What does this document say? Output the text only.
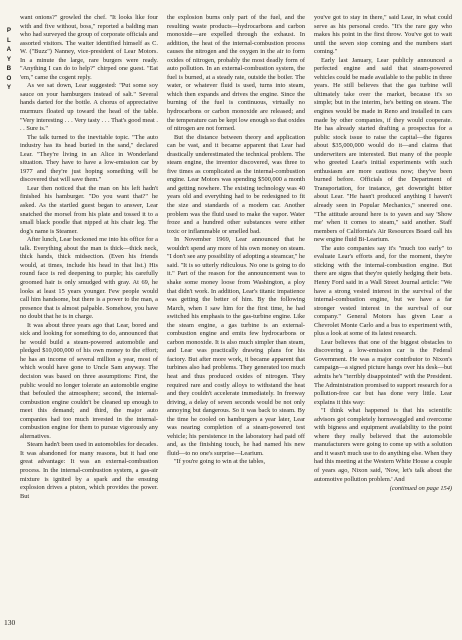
P
L
A
Y
B
O
Y

want onions?" growled the chef. "It looks like four with and five without, boss," reported a balding man who had surveyed the group of corporate officials and assorted visitors. The waiter identified himself as C. W. ("Buzz") Nanney, vice-president of Lear Motors. In a minute the large, rare burgers were ready. "Anything I can do to help?" chirped one guest. "Eat 'em," came the cogent reply.

As we sat down, Lear suggested: "Put some soy sauce on your hamburgers instead of salt." Several hands darted for the bottle. A chorus of appreciative murmurs floated up toward the head of the table. "Very interesting . . . Very tasty . . . That's good meat . . . Sure is."

The talk turned to the inevitable topic. "The auto industry has its head buried in the sand," declared Lear. "They're living in an Alice in Wonderland situation. They have to have a low-emission car by 1977 and they're just hoping something will be discovered that will save them."

Lear then noticed that the man on his left hadn't finished his hamburger. "Do you want that?" he asked. As the startled guest began to answer, Lear snatched the morsel from his plate and tossed it to a small black poodle that nipped at his chair leg. The dog's name is Steamer.

After lunch, Lear beckoned me into his office for a talk. Everything about the man is thick—thick neck, thick hands, thick midsection. (Even his friends would, at times, include his head in that list.) His round face is red deepening to purple; his carefully groomed hair is only smudged with gray. At 69, he looks at least 15 years younger. Few people would call him handsome, but there is a power to the man, a presence that is almost palpable. Somehow, you have no doubt that he is in charge.

It was about three years ago that Lear, bored and sick and looking for something to do, announced that he would build a steam-powered automobile and pledged $10,000,000 of his own money to the effort; he has an income of several million a year, most of which would have gone to Uncle Sam anyway. The decision was based on three assumptions: First, the public would no longer tolerate an automobile engine that befouled the atmosphere; second, the internal-combustion engine couldn't be cleaned up enough to meet this demand; and third, the major auto companies had too much invested in the internal-combustion engine for them to pursue vigorously any alternatives.

Steam hadn't been used in automobiles for decades. It was abandoned for many reasons, but it had one great advantage: It was an external-combustion process. In the internal-combustion system, a gas-air mixture is ignited by a spark and the ensuing explosion drives a piston, which provides the power. But

the explosion burns only part of the fuel, and the resulting waste products—hydrocarbons and carbon monoxide—are expelled through the exhaust. In addition, the heat of the internal-combustion process causes the nitrogen and the oxygen in the air to form oxides of nitrogen, probably the most deadly form of auto pollution. In an external-combustion system, the fuel is burned, at a steady rate, outside the boiler. The water, or whatever fluid is used, turns into steam, which then expands and drives the engine. Since the burning of the fuel is continuous, virtually no hydrocarbons or carbon monoxide are released; and the temperature can be kept low enough so that oxides of nitrogen are not formed.

But the distance between theory and application can be vast, and it became apparent that Lear had drastically underestimated the technical problem. The steam engine, the inventor discovered, was three to five times as complicated as the internal-combustion engine. Lear Motors was spending $500,000 a month and getting nowhere. The existing technology was 40 years old and everything had to be redesigned to fit the size and standards of a modern car. Another problem was the fluid used to make the vapor. Water froze and a hundred other substances were either toxic or inflammable or smelled bad.

In November 1969, Lear announced that he wouldn't spend any more of his own money on steam. "I don't see any possibility of adopting a steamcar," he said. "It is so utterly ridiculous. No one is going to do it." Part of the reason for the announcement was to shake some money loose from Washington, a ploy that didn't work. In addition, Lear's titanic impatience was getting the better of him. By the following March, when I saw him for the first time, he had switched his emphasis to the gas-turbine engine. Like the steam engine, a gas turbine is an external-combustion engine and emits few hydrocarbons or carbon monoxide. It is also much simpler than steam, and Lear was practically drawing plans for his factory. But after more work, it became apparent that turbines also had problems. They generated too much heat and thus produced oxides of nitrogen. They required rare and costly alloys to withstand the heat and they couldn't accelerate immediately. In freeway driving, a delay of seven seconds would be not only annoying but dangerous. So it was back to steam. By the time he cooled on hamburgers a year later, Lear was nearing completion of a steam-powered test vehicle; his persistence in the laboratory had paid off and, as the finishing touch, he had named his new fluid—to no one's surprise—Learium.

"If you're going to win at the tables,

you've got to stay in there," said Lear, in what could serve as his personal credo. "It's the rare guy who makes his point in the first throw. You've got to wait until the seven stop coming and the numbers start coming."

Early last January, Lear publicly announced a perfected engine and said that steam-powered vehicles could be made available to the public in three years. He still believes that the gas turbine will ultimately take over the market, because it's so simple; but in the interim, he's betting on steam. The engines would be made in Reno and installed in cars made by other companies, if they would cooperate. He has already started drafting a prospectus for a public stock issue to raise the capital—the figures about $35,000,000 would do it—and claims that underwriters are interested. But many of the people who greeted Lear's initial experiments with such enthusiasm are more cautious now; they've been burned before. Officials of the Department of Transportation, for instance, get downright bitter about Lear. "He hasn't produced anything I haven't already seen in Popular Mechanics," sneered one. "The attitude around here is to yawn and say 'Show me' when it comes to steam," said another. Staff members of California's Air Resources Board call his new engine fluid Bi-Learium.

The auto companies say it's "much too early" to evaluate Lear's efforts and, for the moment, they're sticking with the internal-combustion engine. But there are signs that they're quietly hedging their bets. Henry Ford said in a Wall Street Journal article: "We have a strong vested interest in the survival of the internal-combustion engine, but we have a far stronger vested interest in the survival of our company." General Motors has given Lear a Chevrolet Monte Carlo and a bus to experiment with, plus a look at some of its latest research.

Lear believes that one of the biggest obstacles to discovering a low-emission car is the Federal Government. He was a major contributor to Nixon's campaign—a signed picture hangs over his desk—but admits he's "terribly disappointed" with the President. The Administration promised to support research for a pollution-free car but has done very little. Lear explains it this way:

"I think what happened is that his scientific advisors got completely hornswoggled and overcome with bigness and equipment availability to the point where they really believed that the automobile manufacturers were going to come up with a solution and it wasn't much use to do anything else. When they had this meeting at the Western White House a couple of years ago, Nixon said, 'Now, let's talk about the automotive pollution problem.' And

(continued on page 154)
130
